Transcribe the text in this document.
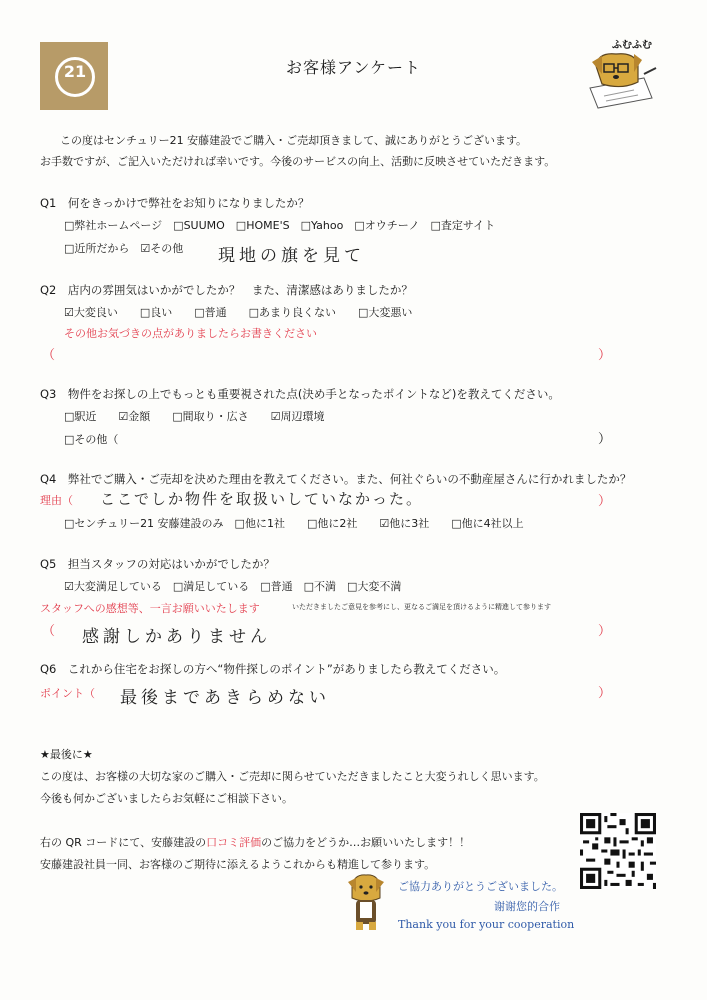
21	お客様アンケート
ふむふむ
この度はセンチュリー21 安藤建設でご購入・ご売却頂きまして、誠にありがとうございます。
お手数ですが、ご記入いただければ幸いです。今後のサービスの向上、活動に反映させていただきます。
Q1　何をきっかけで弊社をお知りになりましたか？
□弊社ホームページ　□SUUMO　□HOME'S　□Yahoo　□オウチーノ　□査定サイト
□近所だから　☑その他 現地の旗を見て
Q2　店内の雰囲気はいかがでしたか？　また、清潔感はありましたか？
☑大変良い　　□良い　　□普通　　□あまり良くない　　□大変悪い
その他お気づきの点がありましたらお書きください
（	）
Q3　物件をお探しの上でもっとも重要視された点(決め手となったポイントなど)を教えてください。
□駅近　　☑金額　　□間取り・広さ　　☑周辺環境
□その他（	）
Q4　弊社でご購入・ご売却を決めた理由を教えてください。また、何社ぐらいの不動産屋さんに行かれましたか？
理由（ ここでしか物件を取扱いしていなかった。	）
□センチュリー21 安藤建設のみ　□他に1社　　□他に2社　　☑他に3社　　□他に4社以上
Q5　担当スタッフの対応はいかがでしたか？
☑大変満足している　□満足している　□普通　□不満　□大変不満
スタッフへの感想等、一言お願いいたします	いただきましたご意見を参考にし、更なるご満足を頂けるように精進して参ります
（ 感謝しかありません	）
Q6　これから住宅をお探しの方へ“物件探しのポイント”がありましたら教えてください。
ポイント（ 最後まであきらめない	）
★最後に★
この度は、お客様の大切な家のご購入・ご売却に関らせていただきましたこと大変うれしく思います。
今後も何かございましたらお気軽にご相談下さい。
右の QR コードにて、安藤建設の口コミ評価のご協力をどうか…お願いいたします！！
安藤建設社員一同、お客様のご期待に添えるようこれからも精進して参ります。
ご協力ありがとうございました。
谢谢您的合作
Thank you for your cooperation
